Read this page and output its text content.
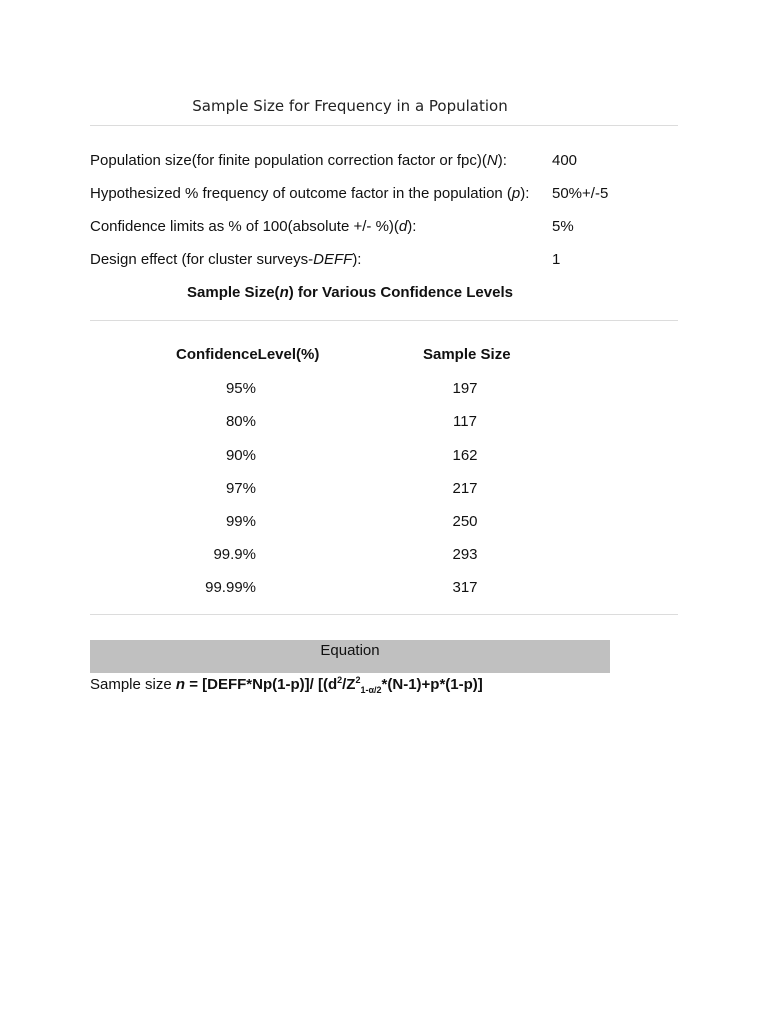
Sample Size for Frequency in a Population
Population size(for finite population correction factor or fpc)(N):	400
Hypothesized % frequency of outcome factor in the population (p): 50%+/-5
Confidence limits as % of 100(absolute +/- %)(d):	5%
Design effect (for cluster surveys-DEFF):	1
Sample Size(n) for Various Confidence Levels
ConfidenceLevel(%)	Sample Size
95%	197
80%	117
90%	162
97%	217
99%	250
99.9%	293
99.99%	317
Equation
Sample size n = [DEFF*Np(1-p)]/ [$(d^2/Z^2_{1-\alpha/2}*(N-1)+p*(1-p)]$
